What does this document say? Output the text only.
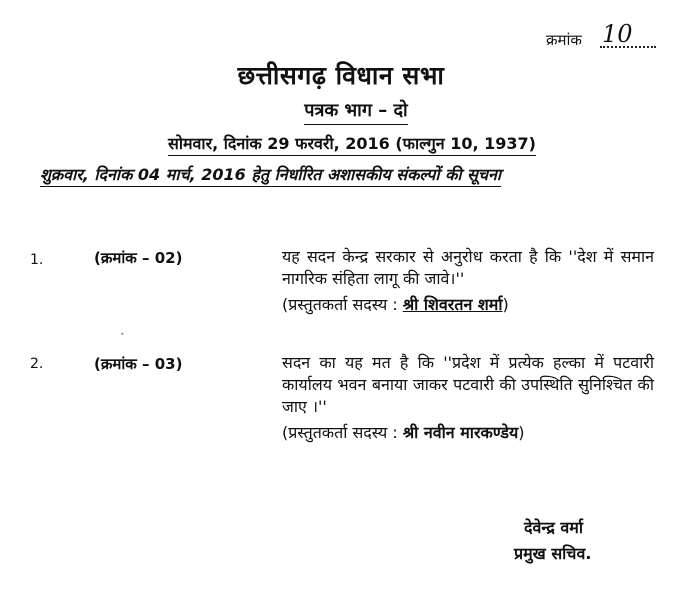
क्रमांक 10
छत्तीसगढ़ विधान सभा
पत्रक भाग – दो
सोमवार, दिनांक 29 फरवरी, 2016 (फाल्गुन 10, 1937)
शुक्रवार, दिनांक 04 मार्च, 2016 हेतु निर्धारित अशासकीय संकल्पों की सूचना
1.	(क्रमांक – 02)	यह सदन केन्द्र सरकार से अनुरोध करता है कि ''देश में समान नागरिक संहिता लागू की जावे।''
(प्रस्तुतकर्ता सदस्य : श्री शिवरतन शर्मा)
2.	(क्रमांक – 03)	सदन का यह मत है कि ''प्रदेश में प्रत्येक हल्का में पटवारी कार्यालय भवन बनाया जाकर पटवारी की उपस्थिति सुनिश्चित की जाए ।''
(प्रस्तुतकर्ता सदस्य : श्री नवीन मारकण्डेय)
•
देवेन्द्र वर्मा
प्रमुख सचिव.
